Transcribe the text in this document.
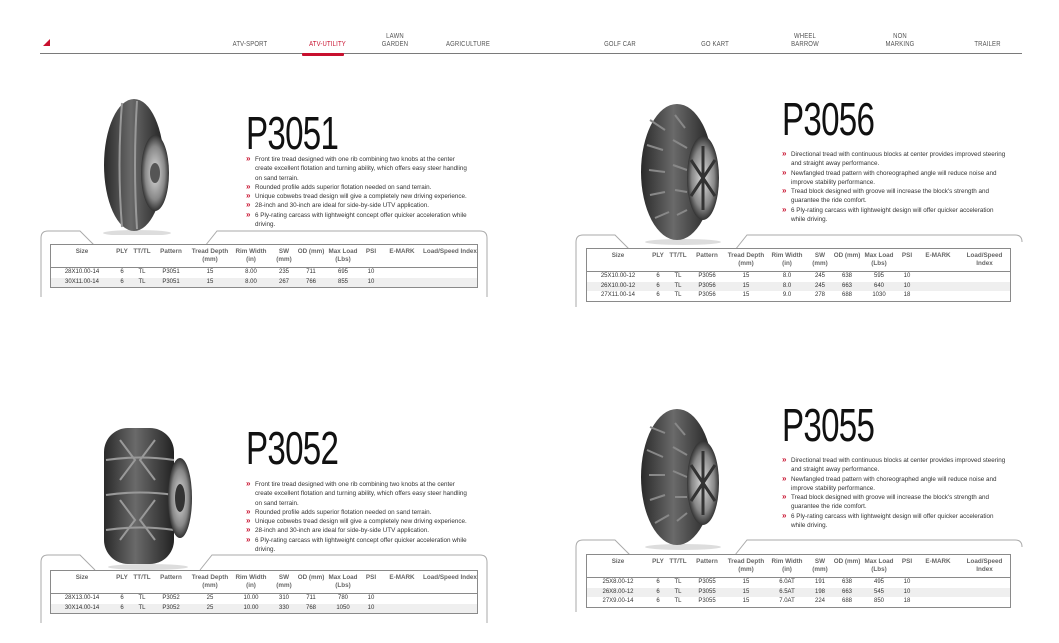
ATV-SPORT	ATV-UTILITY
LAWN GARDEN	AGRICULTURE	GOLF CAR	GO KART
WHEEL BARROW
NON MARKING	TRAILER
P3051
» Front tire tread designed with one rib combining two knobs at the center create excellent flotation and turning ability, which offers easy steer handling on sand terrain.
» Rounded profile adds superior flotation needed on sand terrain.
» Unique cobwebs tread design will give a completely new driving experience.
» 28-inch and 30-inch are ideal for side-by-side UTV application.
» 6 Ply-rating carcass with lightweight concept offer quicker acceleration while driving.
Size	PLY	TT/TL	Pattern	Tread Depth (mm)	Rim Width (in)	SW (mm)	OD (mm)	Max Load (Lbs)	PSI	E-MARK	Load/Speed Index
28X10.00-14	6	TL	P3051	15	8.00	235	711	695	10		
30X11.00-14	6	TL	P3051	15	8.00	267	766	855	10		
P3056
» Directional tread with continuous blocks at center provides improved steering and straight away performance.
» Newfangled tread pattern with choreographed angle will reduce noise and improve stability performance.
» Tread block designed with groove will increase the block's strength and guarantee the ride comfort.
» 6 Ply-rating carcass with lightweight design will offer quicker acceleration while driving.
Size	PLY	TT/TL	Pattern	Tread Depth (mm)	Rim Width (in)	SW (mm)	OD (mm)	Max Load (Lbs)	PSI	E-MARK	Load/Speed Index
25X10.00-12	6	TL	P3056	15	8.0	245	638	595	10		
26X10.00-12	6	TL	P3056	15	8.0	245	663	640	10		
27X11.00-14	6	TL	P3056	15	9.0	278	688	1030	18		
P3052
» Front tire tread designed with one rib combining two knobs at the center create excellent flotation and turning ability, which offers easy steer handling on sand terrain.
» Rounded profile adds superior flotation needed on sand terrain.
» Unique cobwebs tread design will give a completely new driving experience.
» 28-inch and 30-inch are ideal for side-by-side UTV application.
» 6 Ply-rating carcass with lightweight concept offer quicker acceleration while driving.
Size	PLY	TT/TL	Pattern	Tread Depth (mm)	Rim Width (in)	SW (mm)	OD (mm)	Max Load (Lbs)	PSI	E-MARK	Load/Speed Index
28X13.00-14	6	TL	P3052	25	10.00	310	711	780	10		
30X14.00-14	6	TL	P3052	25	10.00	330	768	1050	10		
P3055
» Directional tread with continuous blocks at center provides improved steering and straight away performance.
» Newfangled tread pattern with choreographed angle will reduce noise and improve stability performance.
» Tread block designed with groove will increase the block's strength and guarantee the ride comfort.
» 6 Ply-rating carcass with lightweight design will offer quicker acceleration while driving.
Size	PLY	TT/TL	Pattern	Tread Depth (mm)	Rim Width (in)	SW (mm)	OD (mm)	Max Load (Lbs)	PSI	E-MARK	Load/Speed Index
25X8.00-12	6	TL	P3055	15	6.0AT	191	638	495	10		
26X8.00-12	6	TL	P3055	15	6.5AT	198	663	545	10		
27X9.00-14	6	TL	P3055	15	7.0AT	224	688	850	18		
